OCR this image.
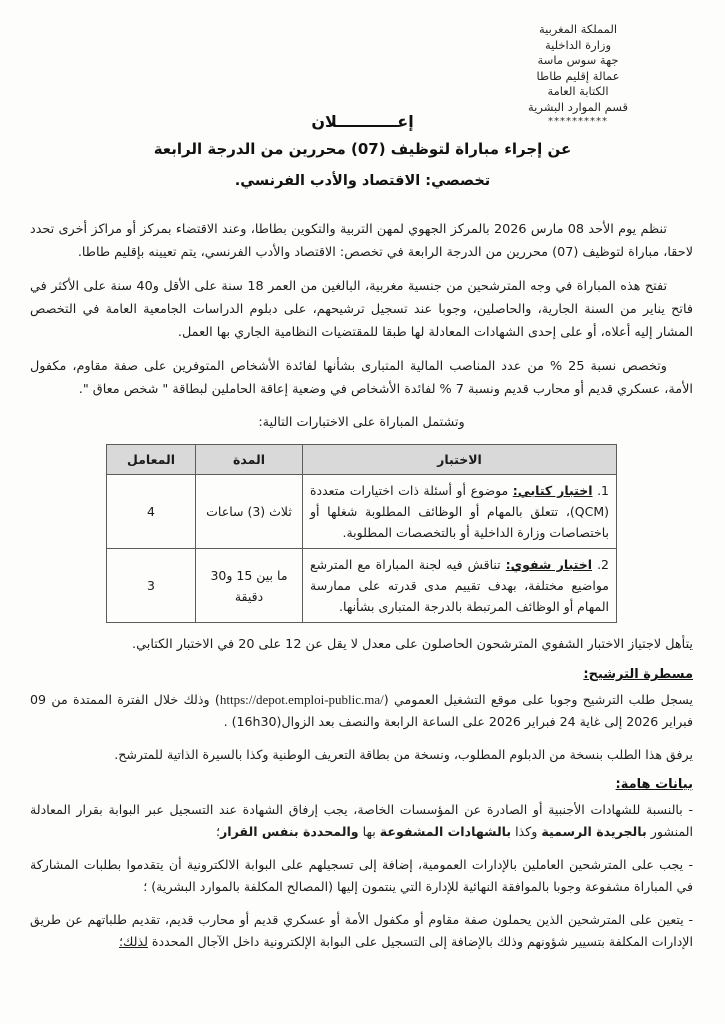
المملكة المغربية
وزارة الداخلية
جهة سوس ماسة
عمالة إقليم طاطا
الكتابة العامة
قسم الموارد البشرية
**********
إعـــــــــــلان
عن إجراء مباراة لتوظيف (07) محررين من الدرجة الرابعة
تخصصي: الاقتصاد والأدب الفرنسي.

تنظم يوم الأحد 08 مارس 2026 بالمركز الجهوي لمهن التربية والتكوين بطاطا، وعند الاقتضاء بمركز أو مراكز أخرى تحدد لاحقا، مباراة لتوظيف (07) محررين من الدرجة الرابعة في تخصص: الاقتصاد والأدب الفرنسي، يتم تعيينه بإقليم طاطا.

تفتح هذه المباراة في وجه المترشحين من جنسية مغربية، البالغين من العمر 18 سنة على الأقل و40 سنة على الأكثر في فاتح يناير من السنة الجارية، والحاصلين، وجوبا عند تسجيل ترشيحهم، على دبلوم الدراسات الجامعية العامة في التخصص المشار إليه أعلاه، أو على إحدى الشهادات المعادلة لها طبقا للمقتضيات النظامية الجاري بها العمل.

وتخصص نسبة 25 % من عدد المناصب المالية المتبارى بشأنها لفائدة الأشخاص المتوفرين على صفة مقاوم، مكفول الأمة، عسكري قديم أو محارب قديم ونسبة 7 % لفائدة الأشخاص في وضعية إعاقة الحاملين لبطاقة " شخص معاق ".

وتشتمل المباراة على الاختبارات التالية:

الاختبار	المدة	المعامل
1. اختبار كتابي: موضوع أو أسئلة ذات اختيارات متعددة (QCM)، تتعلق بالمهام أو الوظائف المطلوبة شغلها أو باختصاصات وزارة الداخلية أو بالتخصصات المطلوبة.	ثلاث (3) ساعات	4
2. اختبار شفوي: تناقش فيه لجنة المباراة مع المترشع مواضيع مختلفة، بهدف تقييم مدى قدرته على ممارسة المهام أو الوظائف المرتبطة بالدرجة المتبارى بشأنها.	ما بين 15 و30 دقيقة	3

يتأهل لاجتياز الاختبار الشفوي المترشحون الحاصلون على معدل لا يقل عن 12 على 20 في الاختبار الكتابي.

مسطرة الترشيح:

يسجل طلب الترشيح وجوبا على موقع التشغيل العمومي (https://depot.emploi-public.ma/) وذلك خلال الفترة الممتدة من 09 فبراير 2026 إلى غاية 24 فبراير 2026 على الساعة الرابعة والنصف بعد الزوال(16h30) .

يرفق هذا الطلب بنسخة من الدبلوم المطلوب، ونسخة من بطاقة التعريف الوطنية وكذا بالسيرة الذاتية للمترشح.

بيانات هامة:

- بالنسبة للشهادات الأجنبية أو الصادرة عن المؤسسات الخاصة، يجب إرفاق الشهادة عند التسجيل عبر البوابة بقرار المعادلة المنشور بالجريدة الرسمية وكذا بالشهادات المشفوعة بها والمحددة بنفس القرار؛

- يجب على المترشحين العاملين بالإدارات العمومية، إضافة إلى تسجيلهم على البوابة الالكترونية أن يتقدموا بطلبات المشاركة في المباراة مشفوعة وجوبا بالموافقة النهائية للإدارة التي ينتمون إليها (المصالح المكلفة بالموارد البشرية) ؛

- يتعين على المترشحين الذين يحملون صفة مقاوم أو مكفول الأمة أو عسكري قديم أو محارب قديم، تقديم طلباتهم عن طريق الإدارات المكلفة بتسيير شؤونهم وذلك بالإضافة إلى التسجيل على البوابة الإلكترونية داخل الآجال المحددة لذلك؛
